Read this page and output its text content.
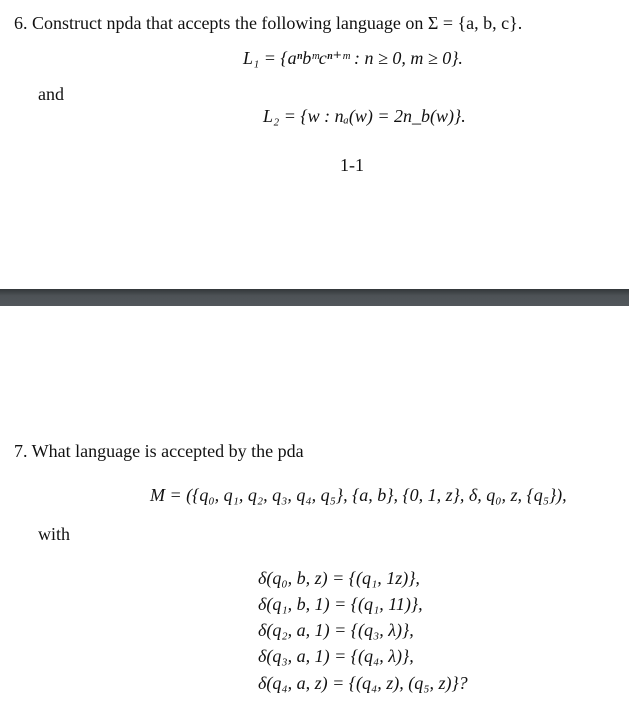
6. Construct npda that accepts the following language on Σ = {a, b, c}.
L₁ = {aⁿbᵐcⁿ⁺ᵐ : n ≥ 0, m ≥ 0}.
and
L₂ = {w : nₐ(w) = 2n_b(w)}.
1-1
7. What language is accepted by the pda
M = ({q₀, q₁, q₂, q₃, q₄, q₅}, {a, b}, {0, 1, z}, δ, q₀, z, {q₅}),
with
δ(q₀, b, z) = {(q₁, 1z)},
δ(q₁, b, 1) = {(q₁, 11)},
δ(q₂, a, 1) = {(q₃, λ)},
δ(q₃, a, 1) = {(q₄, λ)},
δ(q₄, a, z) = {(q₄, z), (q₅, z)}?
